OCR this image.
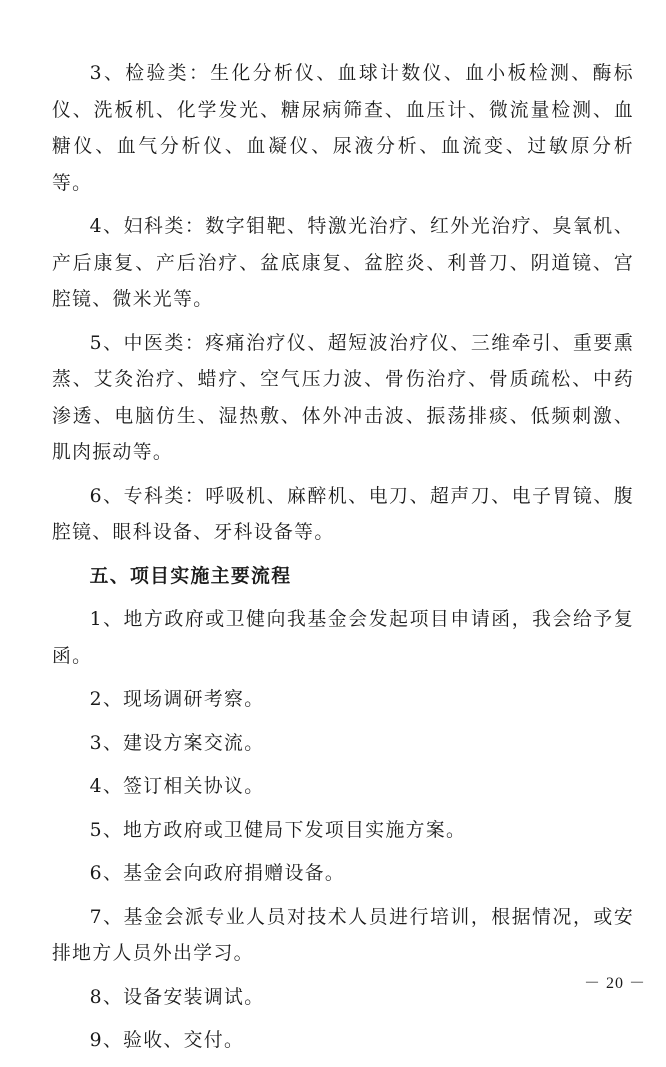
3、检验类：生化分析仪、血球计数仪、血小板检测、酶标仪、洗板机、化学发光、糖尿病筛查、血压计、微流量检测、血糖仪、血气分析仪、血凝仪、尿液分析、血流变、过敏原分析等。

4、妇科类：数字钼靶、特激光治疗、红外光治疗、臭氧机、产后康复、产后治疗、盆底康复、盆腔炎、利普刀、阴道镜、宫腔镜、微米光等。

5、中医类：疼痛治疗仪、超短波治疗仪、三维牵引、重要熏蒸、艾灸治疗、蜡疗、空气压力波、骨伤治疗、骨质疏松、中药渗透、电脑仿生、湿热敷、体外冲击波、振荡排痰、低频刺激、肌肉振动等。

6、专科类：呼吸机、麻醉机、电刀、超声刀、电子胃镜、腹腔镜、眼科设备、牙科设备等。

五、项目实施主要流程

1、地方政府或卫健向我基金会发起项目申请函，我会给予复函。

2、现场调研考察。

3、建设方案交流。

4、签订相关协议。

5、地方政府或卫健局下发项目实施方案。

6、基金会向政府捐赠设备。

7、基金会派专业人员对技术人员进行培训，根据情况，或安排地方人员外出学习。

8、设备安装调试。

9、验收、交付。

－ 20 －
